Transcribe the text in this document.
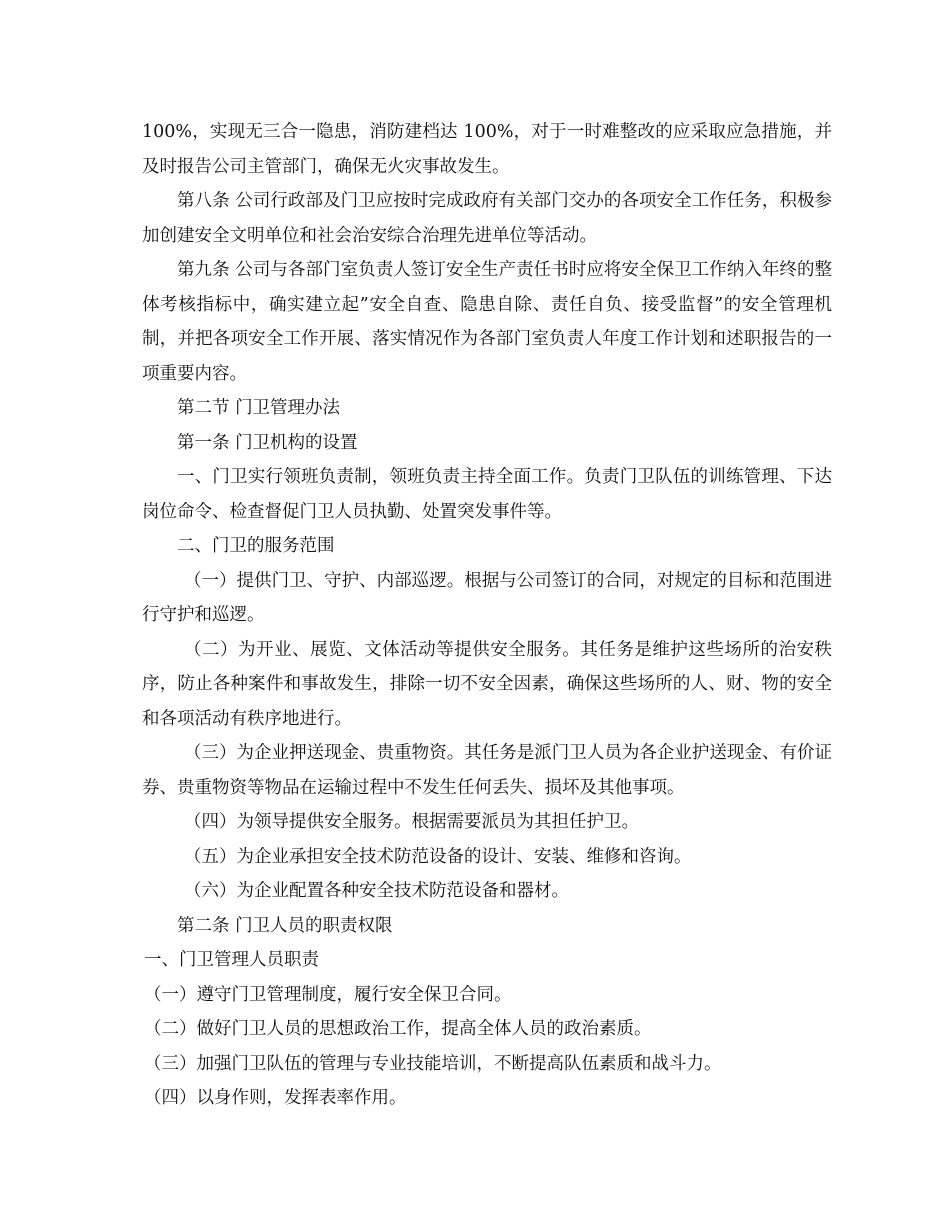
100%，实现无三合一隐患，消防建档达 100%，对于一时难整改的应采取应急措施，并及时报告公司主管部门，确保无火灾事故发生。

第八条 公司行政部及门卫应按时完成政府有关部门交办的各项安全工作任务，积极参加创建安全文明单位和社会治安综合治理先进单位等活动。

第九条 公司与各部门室负责人签订安全生产责任书时应将安全保卫工作纳入年终的整体考核指标中，确实建立起”安全自查、隐患自除、责任自负、接受监督”的安全管理机制，并把各项安全工作开展、落实情况作为各部门室负责人年度工作计划和述职报告的一项重要内容。

第二节 门卫管理办法

第一条 门卫机构的设置

一、门卫实行领班负责制，领班负责主持全面工作。负责门卫队伍的训练管理、下达岗位命令、检查督促门卫人员执勤、处置突发事件等。

二、门卫的服务范围

（一）提供门卫、守护、内部巡逻。根据与公司签订的合同，对规定的目标和范围进行守护和巡逻。

（二）为开业、展览、文体活动等提供安全服务。其任务是维护这些场所的治安秩序，防止各种案件和事故发生，排除一切不安全因素，确保这些场所的人、财、物的安全和各项活动有秩序地进行。

（三）为企业押送现金、贵重物资。其任务是派门卫人员为各企业护送现金、有价证券、贵重物资等物品在运输过程中不发生任何丢失、损坏及其他事项。

（四）为领导提供安全服务。根据需要派员为其担任护卫。

（五）为企业承担安全技术防范设备的设计、安装、维修和咨询。

（六）为企业配置各种安全技术防范设备和器材。

第二条 门卫人员的职责权限

一、门卫管理人员职责

（一）遵守门卫管理制度，履行安全保卫合同。

（二）做好门卫人员的思想政治工作，提高全体人员的政治素质。

（三）加强门卫队伍的管理与专业技能培训，不断提高队伍素质和战斗力。

（四）以身作则，发挥表率作用。
